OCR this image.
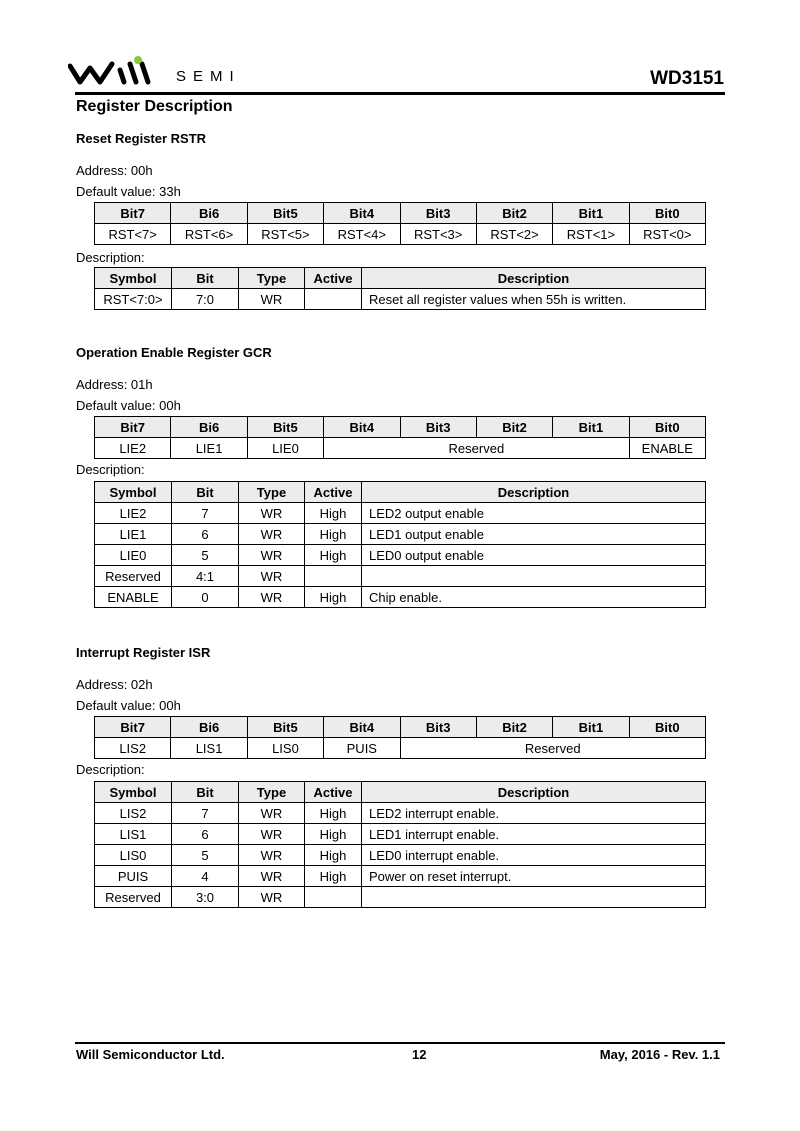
SEMI	WD3151
Register Description
Reset Register RSTR
Address: 00h
Default value: 33h
Bit7	Bi6	Bit5	Bit4	Bit3	Bit2	Bit1	Bit0
RST<7>	RST<6>	RST<5>	RST<4>	RST<3>	RST<2>	RST<1>	RST<0>
Description:
Symbol	Bit	Type	Active	Description
RST<7:0>	7:0	WR		Reset all register values when 55h is written.
Operation Enable Register GCR
Address: 01h
Default value: 00h
Bit7	Bi6	Bit5	Bit4	Bit3	Bit2	Bit1	Bit0
LIE2	LIE1	LIE0	Reserved				ENABLE
Description:
Symbol	Bit	Type	Active	Description
LIE2	7	WR	High	LED2 output enable
LIE1	6	WR	High	LED1 output enable
LIE0	5	WR	High	LED0 output enable
Reserved	4:1	WR		
ENABLE	0	WR	High	Chip enable.
Interrupt Register ISR
Address: 02h
Default value: 00h
Bit7	Bi6	Bit5	Bit4	Bit3	Bit2	Bit1	Bit0
LIS2	LIS1	LIS0	PUIS	Reserved			
Description:
Symbol	Bit	Type	Active	Description
LIS2	7	WR	High	LED2 interrupt enable.
LIS1	6	WR	High	LED1 interrupt enable.
LIS0	5	WR	High	LED0 interrupt enable.
PUIS	4	WR	High	Power on reset interrupt.
Reserved	3:0	WR		
Will Semiconductor Ltd.	12	May, 2016 - Rev. 1.1
